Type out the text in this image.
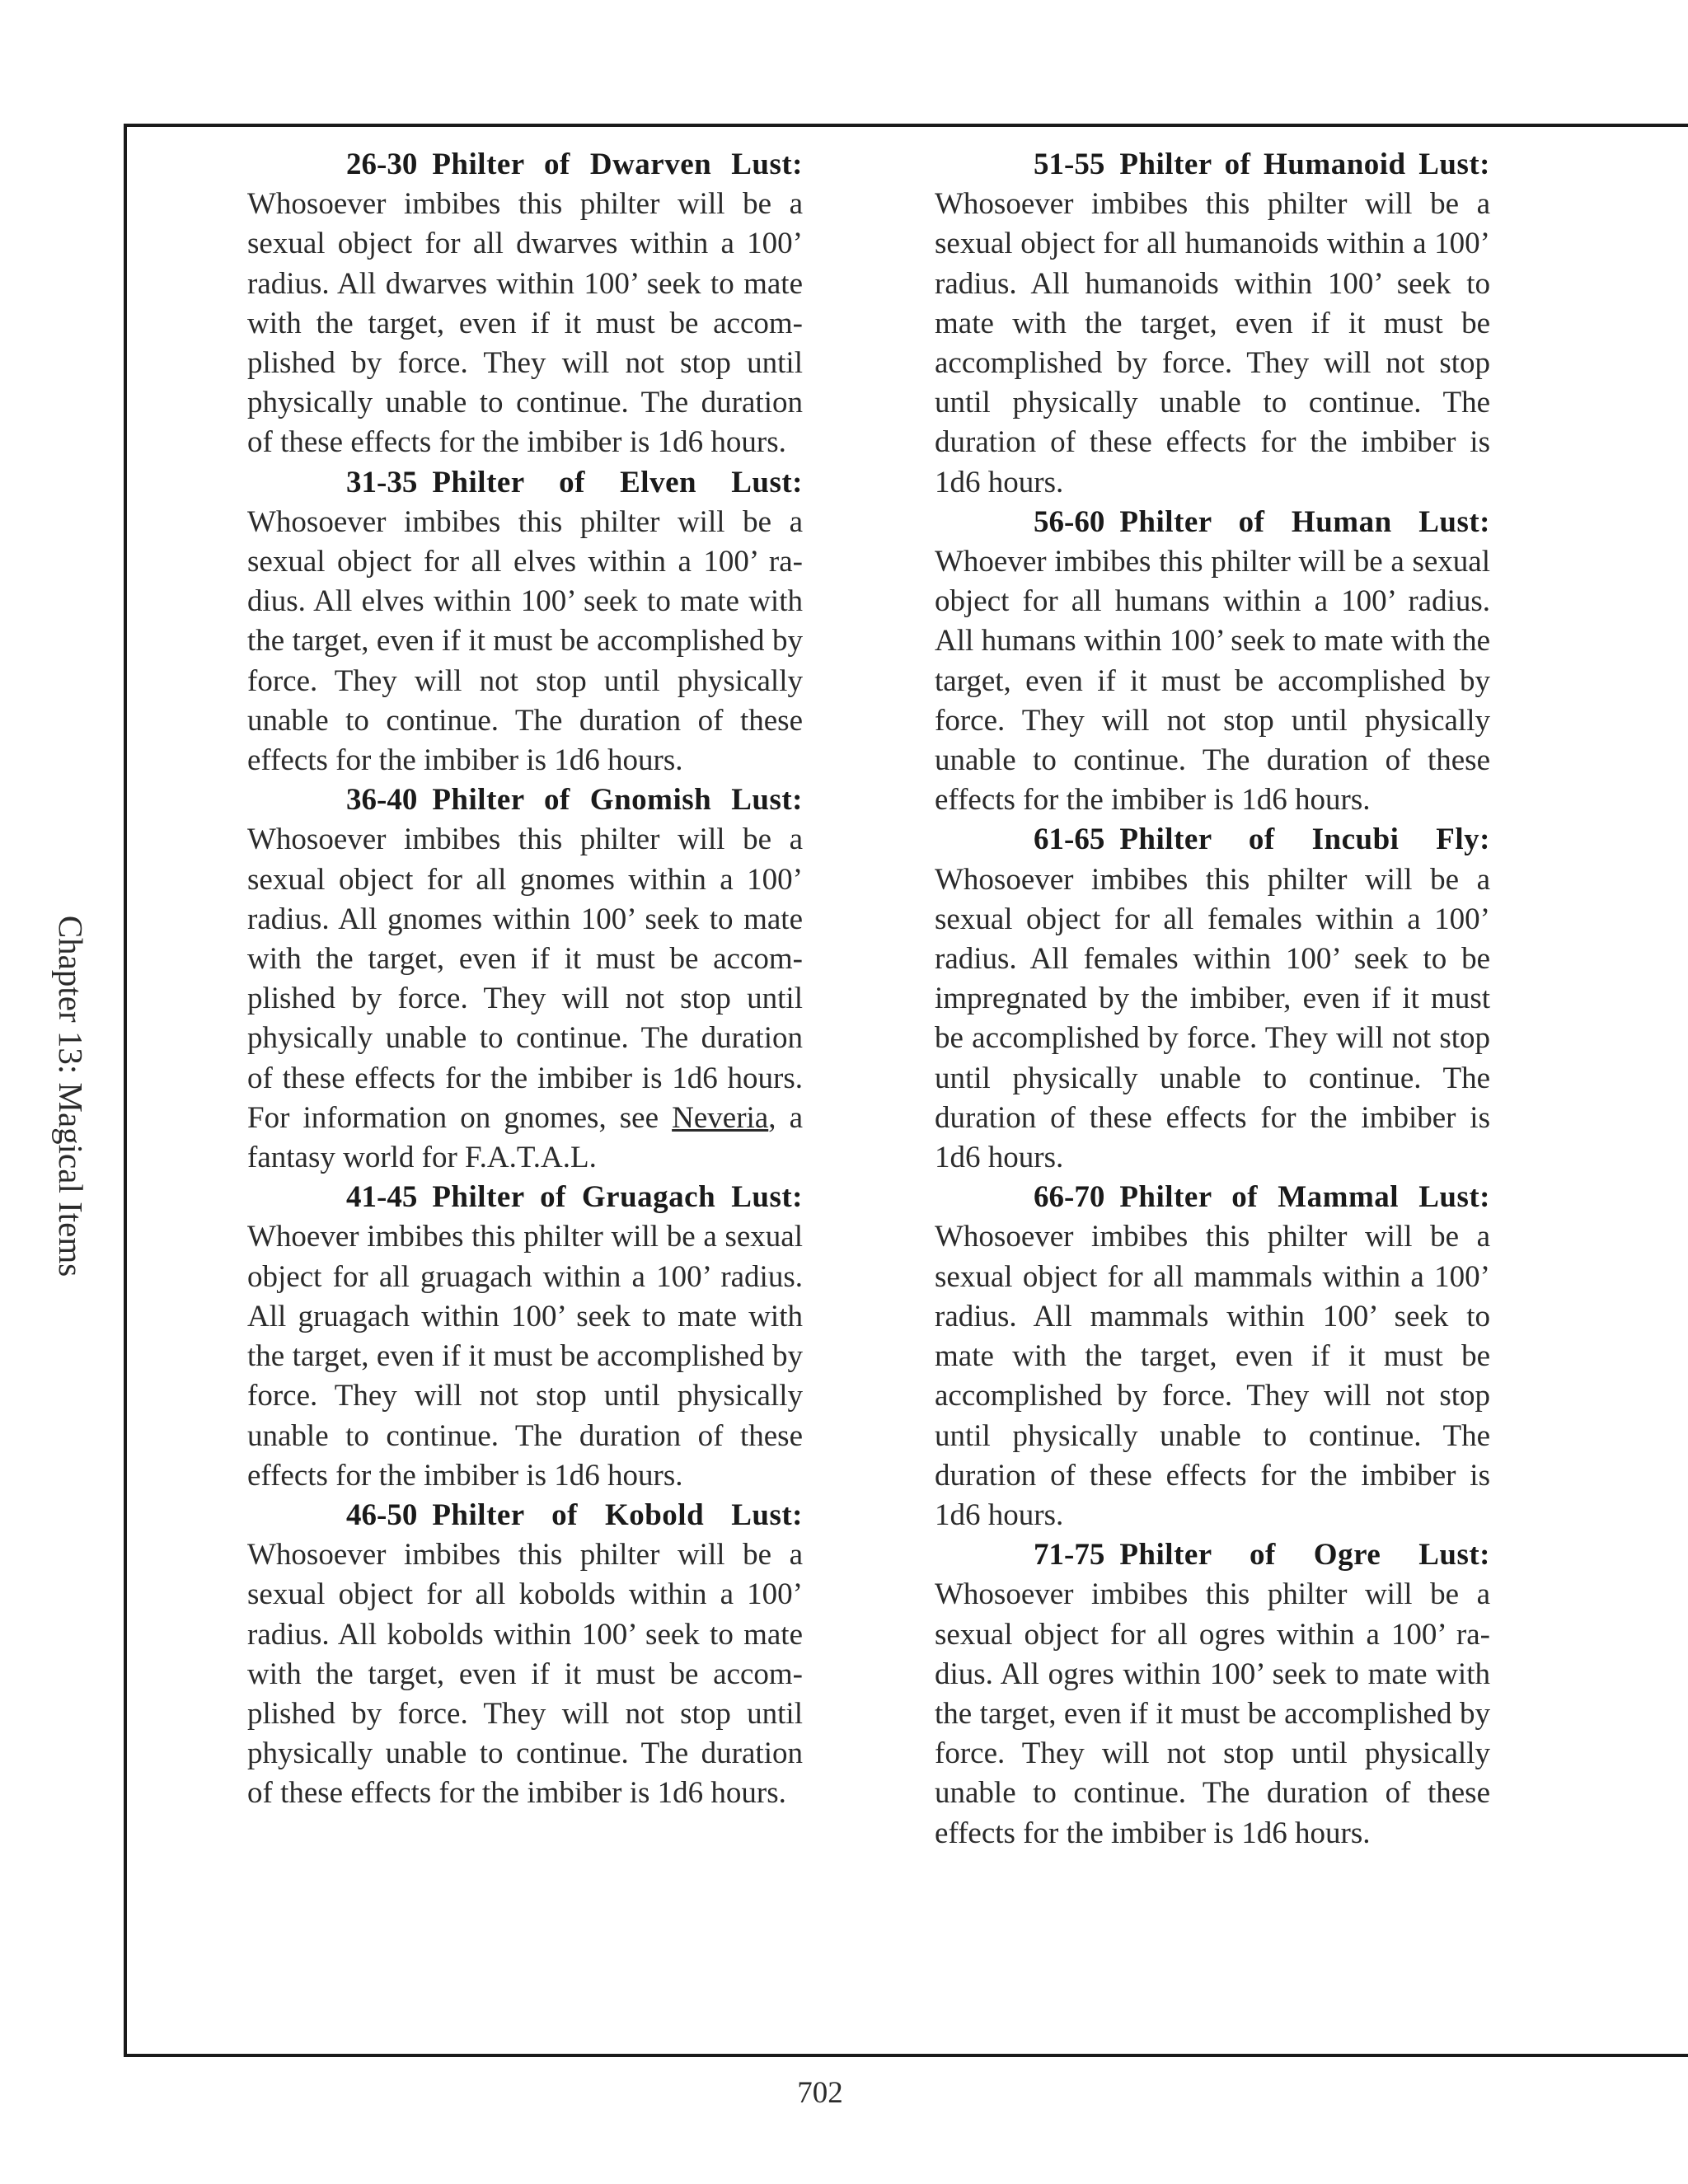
Chapter 13: Magical Items

26-30 Philter of Dwarven Lust: Whosoever imbibes this philter will be a sexual object for all dwarves within a 100’ radius. All dwarves within 100’ seek to mate with the target, even if it must be accomplished by force. They will not stop until physically unable to continue. The duration of these effects for the imbiber is 1d6 hours.

31-35 Philter of Elven Lust: Whosoever imbibes this philter will be a sexual object for all elves within a 100’ radius. All elves within 100’ seek to mate with the target, even if it must be accomplished by force. They will not stop until physically unable to continue. The duration of these effects for the imbiber is 1d6 hours.

36-40 Philter of Gnomish Lust: Whosoever imbibes this philter will be a sexual object for all gnomes within a 100’ radius. All gnomes within 100’ seek to mate with the target, even if it must be accomplished by force. They will not stop until physically unable to continue. The duration of these effects for the imbiber is 1d6 hours. For information on gnomes, see Neveria, a fantasy world for F.A.T.A.L.

41-45 Philter of Gruagach Lust: Whoever imbibes this philter will be a sexual object for all gruagach within a 100’ radius. All gruagach within 100’ seek to mate with the target, even if it must be accomplished by force. They will not stop until physically unable to continue. The duration of these effects for the imbiber is 1d6 hours.

46-50 Philter of Kobold Lust: Whosoever imbibes this philter will be a sexual object for all kobolds within a 100’ radius. All kobolds within 100’ seek to mate with the target, even if it must be accomplished by force. They will not stop until physically unable to continue. The duration of these effects for the imbiber is 1d6 hours.

51-55 Philter of Humanoid Lust: Whosoever imbibes this philter will be a sexual object for all humanoids within a 100’ radius. All humanoids within 100’ seek to mate with the target, even if it must be accomplished by force. They will not stop until physically unable to continue. The duration of these effects for the imbiber is 1d6 hours.

56-60 Philter of Human Lust: Whoever imbibes this philter will be a sexual object for all humans within a 100’ radius. All humans within 100’ seek to mate with the target, even if it must be accomplished by force. They will not stop until physically unable to continue. The duration of these effects for the imbiber is 1d6 hours.

61-65 Philter of Incubi Fly: Whosoever imbibes this philter will be a sexual object for all females within a 100’ radius. All females within 100’ seek to be impregnated by the imbiber, even if it must be accomplished by force. They will not stop until physically unable to continue. The duration of these effects for the imbiber is 1d6 hours.

66-70 Philter of Mammal Lust: Whosoever imbibes this philter will be a sexual object for all mammals within a 100’ radius. All mammals within 100’ seek to mate with the target, even if it must be accomplished by force. They will not stop until physically unable to continue. The duration of these effects for the imbiber is 1d6 hours.

71-75 Philter of Ogre Lust: Whosoever imbibes this philter will be a sexual object for all ogres within a 100’ radius. All ogres within 100’ seek to mate with the target, even if it must be accomplished by force. They will not stop until physically unable to continue. The duration of these effects for the imbiber is 1d6 hours.

702
